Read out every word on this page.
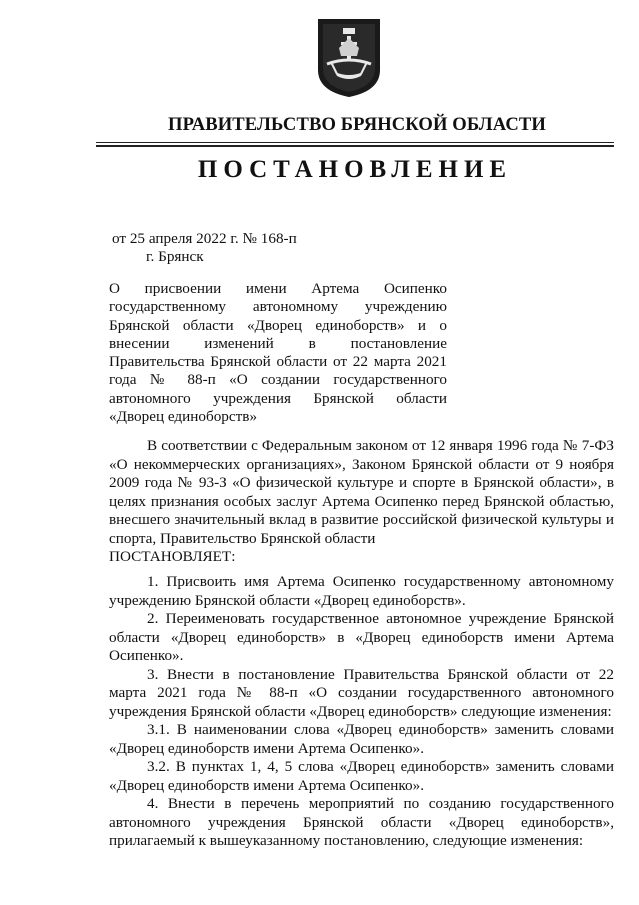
ПРАВИТЕЛЬСТВО БРЯНСКОЙ ОБЛАСТИ
ПОСТАНОВЛЕНИЕ
от 25 апреля 2022 г. № 168-п
г. Брянск
О присвоении имени Артема Осипенко государственному автономному учреждению Брянской области «Дворец единоборств» и о внесении изменений в постановление Правительства Брянской области от 22 марта 2021 года № 88-п «О создании государственного автономного учреждения Брянской области «Дворец единоборств»

В соответствии с Федеральным законом от 12 января 1996 года № 7-ФЗ «О некоммерческих организациях», Законом Брянской области от 9 ноября 2009 года № 93-З «О физической культуре и спорте в Брянской области», в целях признания особых заслуг Артема Осипенко перед Брянской областью, внесшего значительный вклад в развитие российской физической культуры и спорта, Правительство Брянской области

ПОСТАНОВЛЯЕТ:

1. Присвоить имя Артема Осипенко государственному автономному учреждению Брянской области «Дворец единоборств».

2. Переименовать государственное автономное учреждение Брянской области «Дворец единоборств» в «Дворец единоборств имени Артема Осипенко».

3. Внести в постановление Правительства Брянской области от 22 марта 2021 года № 88-п «О создании государственного автономного учреждения Брянской области «Дворец единоборств» следующие изменения:

3.1. В наименовании слова «Дворец единоборств» заменить словами «Дворец единоборств имени Артема Осипенко».

3.2. В пунктах 1, 4, 5 слова «Дворец единоборств» заменить словами «Дворец единоборств имени Артема Осипенко».

4. Внести в перечень мероприятий по созданию государственного автономного учреждения Брянской области «Дворец единоборств», прилагаемый к вышеуказанному постановлению, следующие изменения:
